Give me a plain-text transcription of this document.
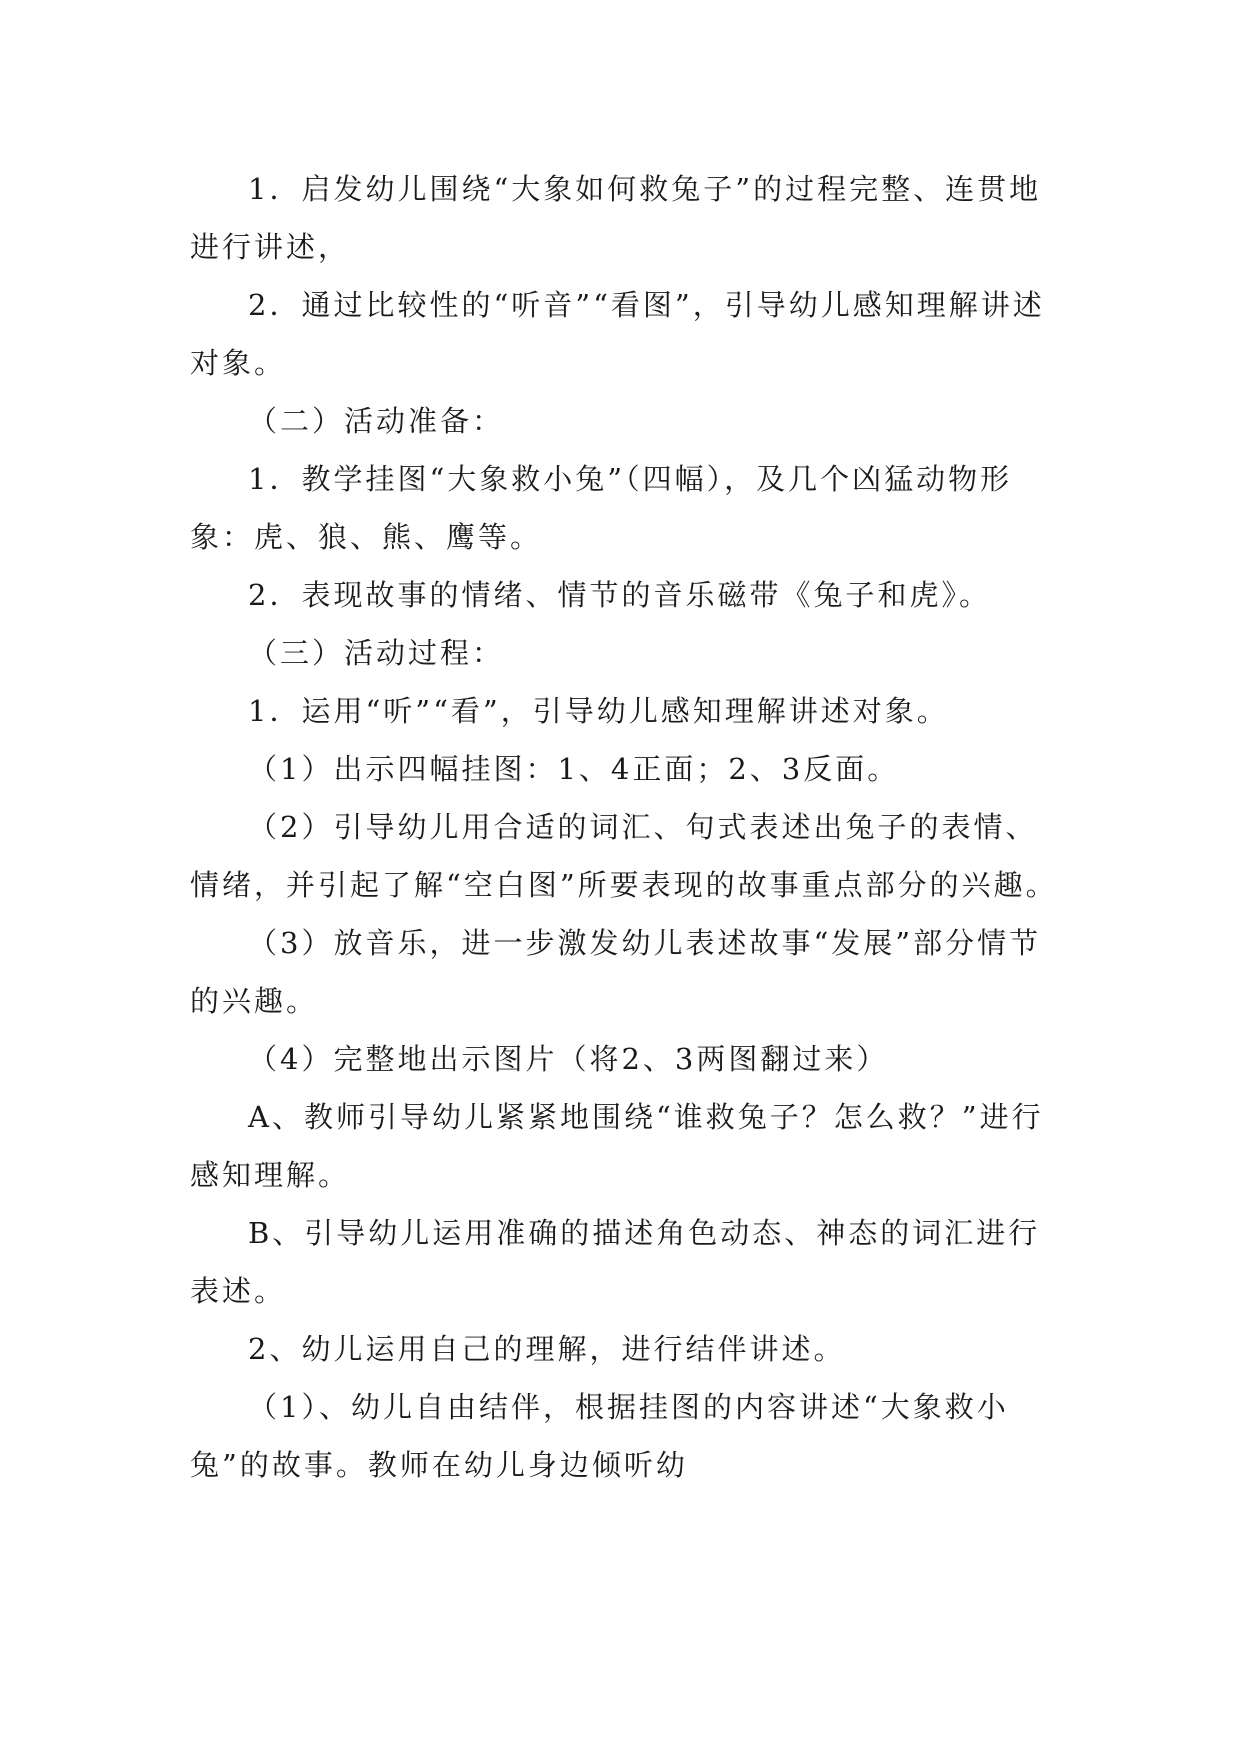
1．启发幼儿围绕“大象如何救兔子”的过程完整、连贯地进行讲述，

2．通过比较性的“听音”“看图”，引导幼儿感知理解讲述对象。

（二）活动准备：

1．教学挂图“大象救小兔”（四幅），及几个凶猛动物形象：虎、狼、熊、鹰等。

2．表现故事的情绪、情节的音乐磁带《兔子和虎》。

（三）活动过程：

1．运用“听”“看”，引导幼儿感知理解讲述对象。

（1）出示四幅挂图：1、4正面；2、3反面。

（2）引导幼儿用合适的词汇、句式表述出兔子的表情、情绪，并引起了解“空白图”所要表现的故事重点部分的兴趣。

（3）放音乐，进一步激发幼儿表述故事“发展”部分情节的兴趣。

（4）完整地出示图片（将2、3两图翻过来）

A、教师引导幼儿紧紧地围绕“谁救兔子？怎么救？”进行感知理解。

B、引导幼儿运用准确的描述角色动态、神态的词汇进行表述。

2、幼儿运用自己的理解，进行结伴讲述。

（1）、幼儿自由结伴，根据挂图的内容讲述“大象救小兔”的故事。教师在幼儿身边倾听幼
